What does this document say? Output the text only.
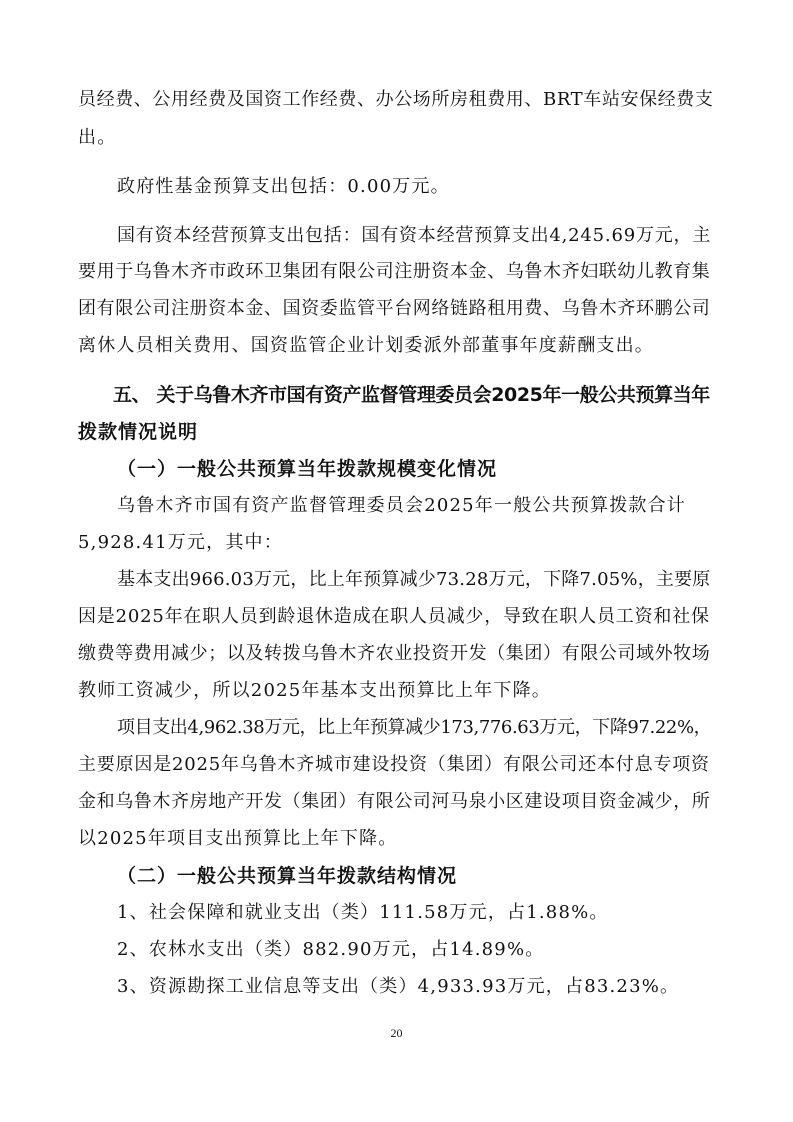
员经费、公用经费及国资工作经费、办公场所房租费用、BRT车站安保经费支
出。
政府性基金预算支出包括：0.00万元。
国有资本经营预算支出包括：国有资本经营预算支出4,245.69万元，主
要用于乌鲁木齐市政环卫集团有限公司注册资本金、乌鲁木齐妇联幼儿教育集
团有限公司注册资本金、国资委监管平台网络链路租用费、乌鲁木齐环鹏公司
离休人员相关费用、国资监管企业计划委派外部董事年度薪酬支出。
五、 关于乌鲁木齐市国有资产监督管理委员会2025年一般公共预算当年
拨款情况说明
（一）一般公共预算当年拨款规模变化情况
乌鲁木齐市国有资产监督管理委员会2025年一般公共预算拨款合计
5,928.41万元，其中：
基本支出966.03万元，比上年预算减少73.28万元，下降7.05%，主要原
因是2025年在职人员到龄退休造成在职人员减少，导致在职人员工资和社保
缴费等费用减少；以及转拨乌鲁木齐农业投资开发（集团）有限公司域外牧场
教师工资减少，所以2025年基本支出预算比上年下降。
项目支出4,962.38万元，比上年预算减少173,776.63万元，下降97.22%，
主要原因是2025年乌鲁木齐城市建设投资（集团）有限公司还本付息专项资
金和乌鲁木齐房地产开发（集团）有限公司河马泉小区建设项目资金减少，所
以2025年项目支出预算比上年下降。
（二）一般公共预算当年拨款结构情况
1、社会保障和就业支出（类）111.58万元，占1.88%。
2、农林水支出（类）882.90万元，占14.89%。
3、资源勘探工业信息等支出（类）4,933.93万元，占83.23%。
20
